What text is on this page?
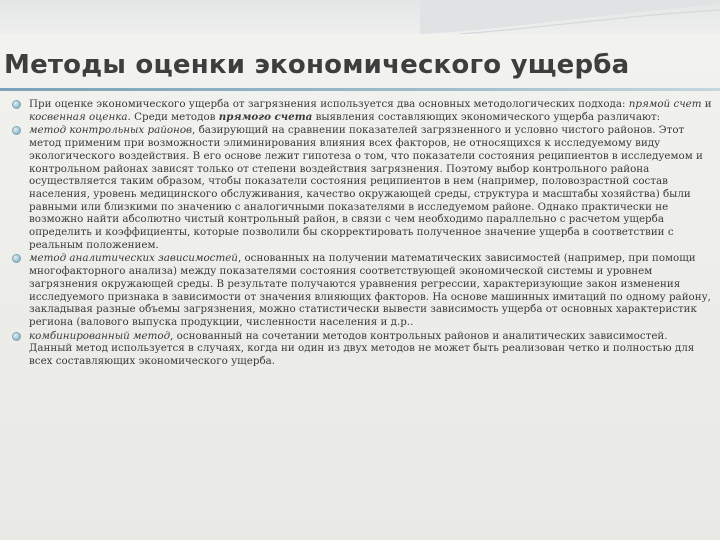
Методы оценки экономического ущерба
При оценке экономического ущерба от загрязнения используется два основных методологических подхода: прямой счет и косвенная оценка. Среди методов прямого счета выявления составляющих экономического ущерба различают:
метод контрольных районов, базирующий на сравнении показателей загрязненного и условно чистого районов. Этот метод применим при возможности элиминирования влияния всех факторов, не относящихся к исследуемому виду экологического воздействия. В его основе лежит гипотеза о том, что показатели состояния реципиентов в исследуемом и контрольном районах зависят только от степени воздействия загрязнения. Поэтому выбор контрольного района осуществляется таким образом, чтобы показатели состояния реципиентов в нем (например, половозрастной состав населения, уровень медицинского обслуживания, качество окружающей среды, структура и масштабы хозяйства) были равными или близкими по значению с аналогичными показателями в исследуемом районе. Однако практически не возможно найти абсолютно чистый контрольный район, в связи с чем необходимо параллельно с расчетом ущерба определить и коэффициенты, которые позволили бы скорректировать полученное значение ущерба в соответствии с реальным положением.
метод аналитических зависимостей, основанных на получении математических зависимостей (например, при помощи многофакторного анализа) между показателями состояния соответствующей экономической системы и уровнем загрязнения окружающей среды. В результате получаются уравнения регрессии, характеризующие закон изменения исследуемого признака в зависимости от значения влияющих факторов. На основе машинных имитаций по одному району, закладывая разные объемы загрязнения, можно статистически вывести зависимость ущерба от основных характеристик региона (валового выпуска продукции, численности населения и д.р..
комбинированный метод, основанный на сочетании методов контрольных районов и аналитических зависимостей. Данный метод используется в случаях, когда ни один из двух методов не может быть реализован четко и полностью для всех составляющих экономического ущерба.
